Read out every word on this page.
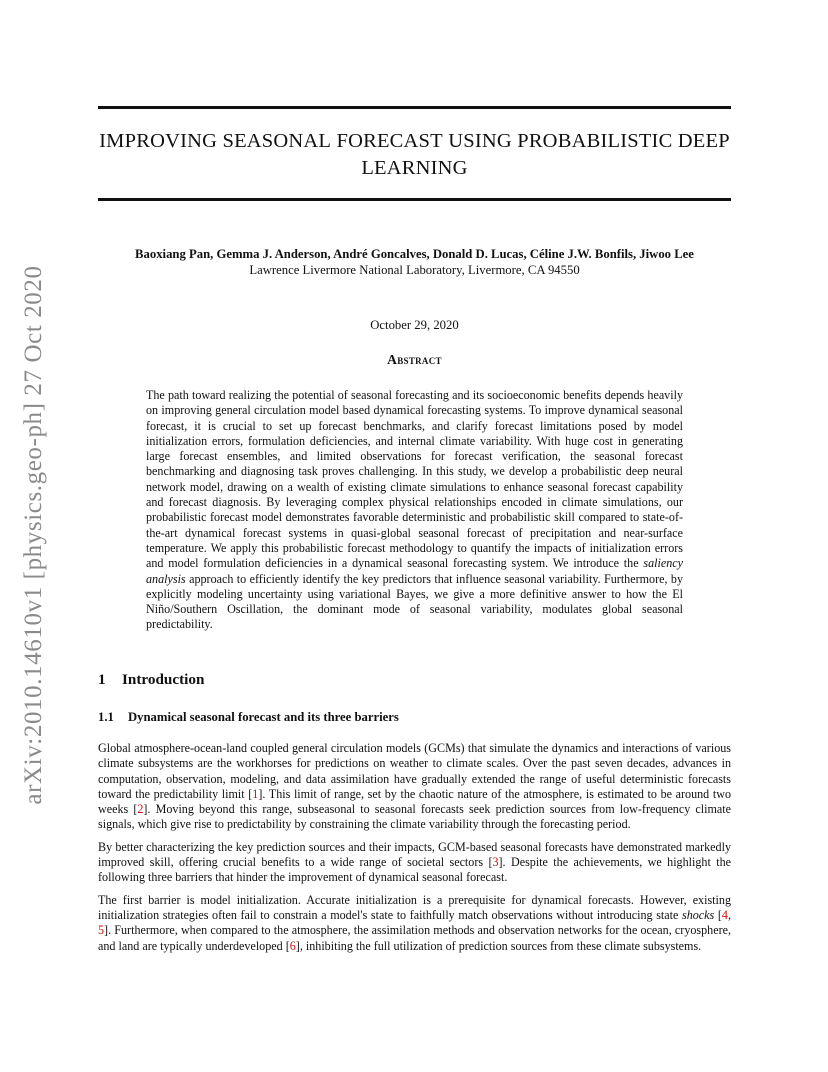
arXiv:2010.14610v1 [physics.geo-ph] 27 Oct 2020
IMPROVING SEASONAL FORECAST USING PROBABILISTIC DEEP
LEARNING
Baoxiang Pan, Gemma J. Anderson, André Goncalves, Donald D. Lucas, Céline J.W. Bonfils, Jiwoo Lee
Lawrence Livermore National Laboratory, Livermore, CA 94550
October 29, 2020
Abstract
The path toward realizing the potential of seasonal forecasting and its socioeconomic benefits depends heavily on improving general circulation model based dynamical forecasting systems. To improve dynamical seasonal forecast, it is crucial to set up forecast benchmarks, and clarify forecast limitations posed by model initialization errors, formulation deficiencies, and internal climate variability. With huge cost in generating large forecast ensembles, and limited observations for forecast verification, the seasonal forecast benchmarking and diagnosing task proves challenging. In this study, we develop a probabilistic deep neural network model, drawing on a wealth of existing climate simulations to enhance seasonal forecast capability and forecast diagnosis. By leveraging complex physical relationships encoded in climate simulations, our probabilistic forecast model demonstrates favorable deterministic and probabilistic skill compared to state-of-the-art dynamical forecast systems in quasi-global seasonal forecast of precipitation and near-surface temperature. We apply this probabilistic forecast methodology to quantify the impacts of initialization errors and model formulation deficiencies in a dynamical seasonal forecasting system. We introduce the saliency analysis approach to efficiently identify the key predictors that influence seasonal variability. Furthermore, by explicitly modeling uncertainty using variational Bayes, we give a more definitive answer to how the El Niño/Southern Oscillation, the dominant mode of seasonal variability, modulates global seasonal predictability.
1 Introduction
1.1 Dynamical seasonal forecast and its three barriers

Global atmosphere-ocean-land coupled general circulation models (GCMs) that simulate the dynamics and interactions of various climate subsystems are the workhorses for predictions on weather to climate scales. Over the past seven decades, advances in computation, observation, modeling, and data assimilation have gradually extended the range of useful deterministic forecasts toward the predictability limit [1]. This limit of range, set by the chaotic nature of the atmosphere, is estimated to be around two weeks [2]. Moving beyond this range, subseasonal to seasonal forecasts seek prediction sources from low-frequency climate signals, which give rise to predictability by constraining the climate variability through the forecasting period.

By better characterizing the key prediction sources and their impacts, GCM-based seasonal forecasts have demonstrated markedly improved skill, offering crucial benefits to a wide range of societal sectors [3]. Despite the achievements, we highlight the following three barriers that hinder the improvement of dynamical seasonal forecast.

The first barrier is model initialization. Accurate initialization is a prerequisite for dynamical forecasts. However, existing initialization strategies often fail to constrain a model's state to faithfully match observations without introducing state shocks [4, 5]. Furthermore, when compared to the atmosphere, the assimilation methods and observation networks for the ocean, cryosphere, and land are typically underdeveloped [6], inhibiting the full utilization of prediction sources from these climate subsystems.
